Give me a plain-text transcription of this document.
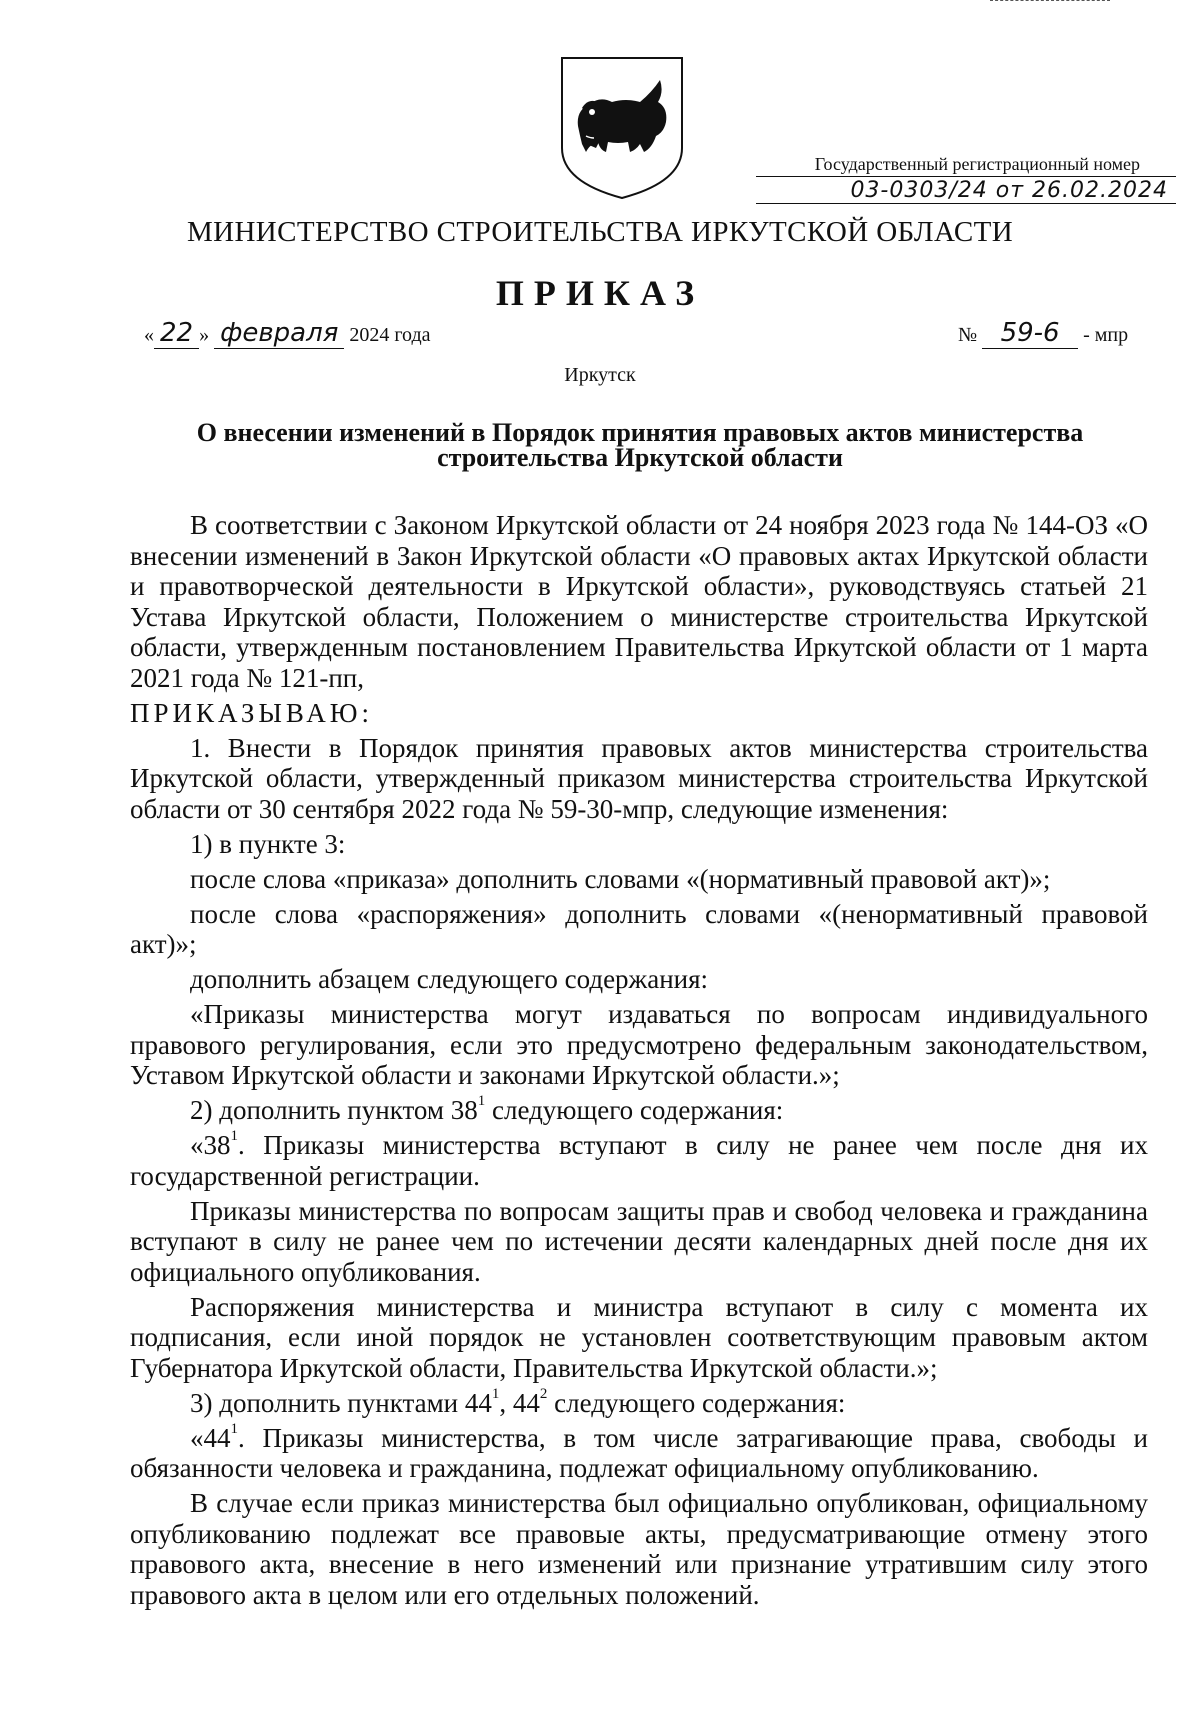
Государственный регистрационный номер
03-0303/24 от 26.02.2024
МИНИСТЕРСТВО СТРОИТЕЛЬСТВА ИРКУТСКОЙ ОБЛАСТИ
ПРИКАЗ
« 22 » февраля 2024 года	№ 59-6 - мпр
Иркутск
О внесении изменений в Порядок принятия правовых актов министерства
строительства Иркутской области

В соответствии с Законом Иркутской области от 24 ноября 2023 года № 144-ОЗ «О внесении изменений в Закон Иркутской области «О правовых актах Иркутской области и правотворческой деятельности в Иркутской области», руководствуясь статьей 21 Устава Иркутской области, Положением о министерстве строительства Иркутской области, утвержденным постановлением Правительства Иркутской области от 1 марта 2021 года № 121-пп,

ПРИКАЗЫВАЮ:

1. Внести в Порядок принятия правовых актов министерства строительства Иркутской области, утвержденный приказом министерства строительства Иркутской области от 30 сентября 2022 года № 59-30-мпр, следующие изменения:

1) в пункте 3:

после слова «приказа» дополнить словами «(нормативный правовой акт)»;

после слова «распоряжения» дополнить словами «(ненормативный правовой акт)»;

дополнить абзацем следующего содержания:

«Приказы министерства могут издаваться по вопросам индивидуального правового регулирования, если это предусмотрено федеральным законодательством, Уставом Иркутской области и законами Иркутской области.»;

2) дополнить пунктом $38^1$ следующего содержания:

«$38^1$. Приказы министерства вступают в силу не ранее чем после дня их государственной регистрации.

Приказы министерства по вопросам защиты прав и свобод человека и гражданина вступают в силу не ранее чем по истечении десяти календарных дней после дня их официального опубликования.

Распоряжения министерства и министра вступают в силу с момента их подписания, если иной порядок не установлен соответствующим правовым актом Губернатора Иркутской области, Правительства Иркутской области.»;

3) дополнить пунктами $44^1$, $44^2$ следующего содержания:

«$44^1$. Приказы министерства, в том числе затрагивающие права, свободы и обязанности человека и гражданина, подлежат официальному опубликованию.

В случае если приказ министерства был официально опубликован, официальному опубликованию подлежат все правовые акты, предусматривающие отмену этого правового акта, внесение в него изменений или признание утратившим силу этого правового акта в целом или его отдельных положений.
